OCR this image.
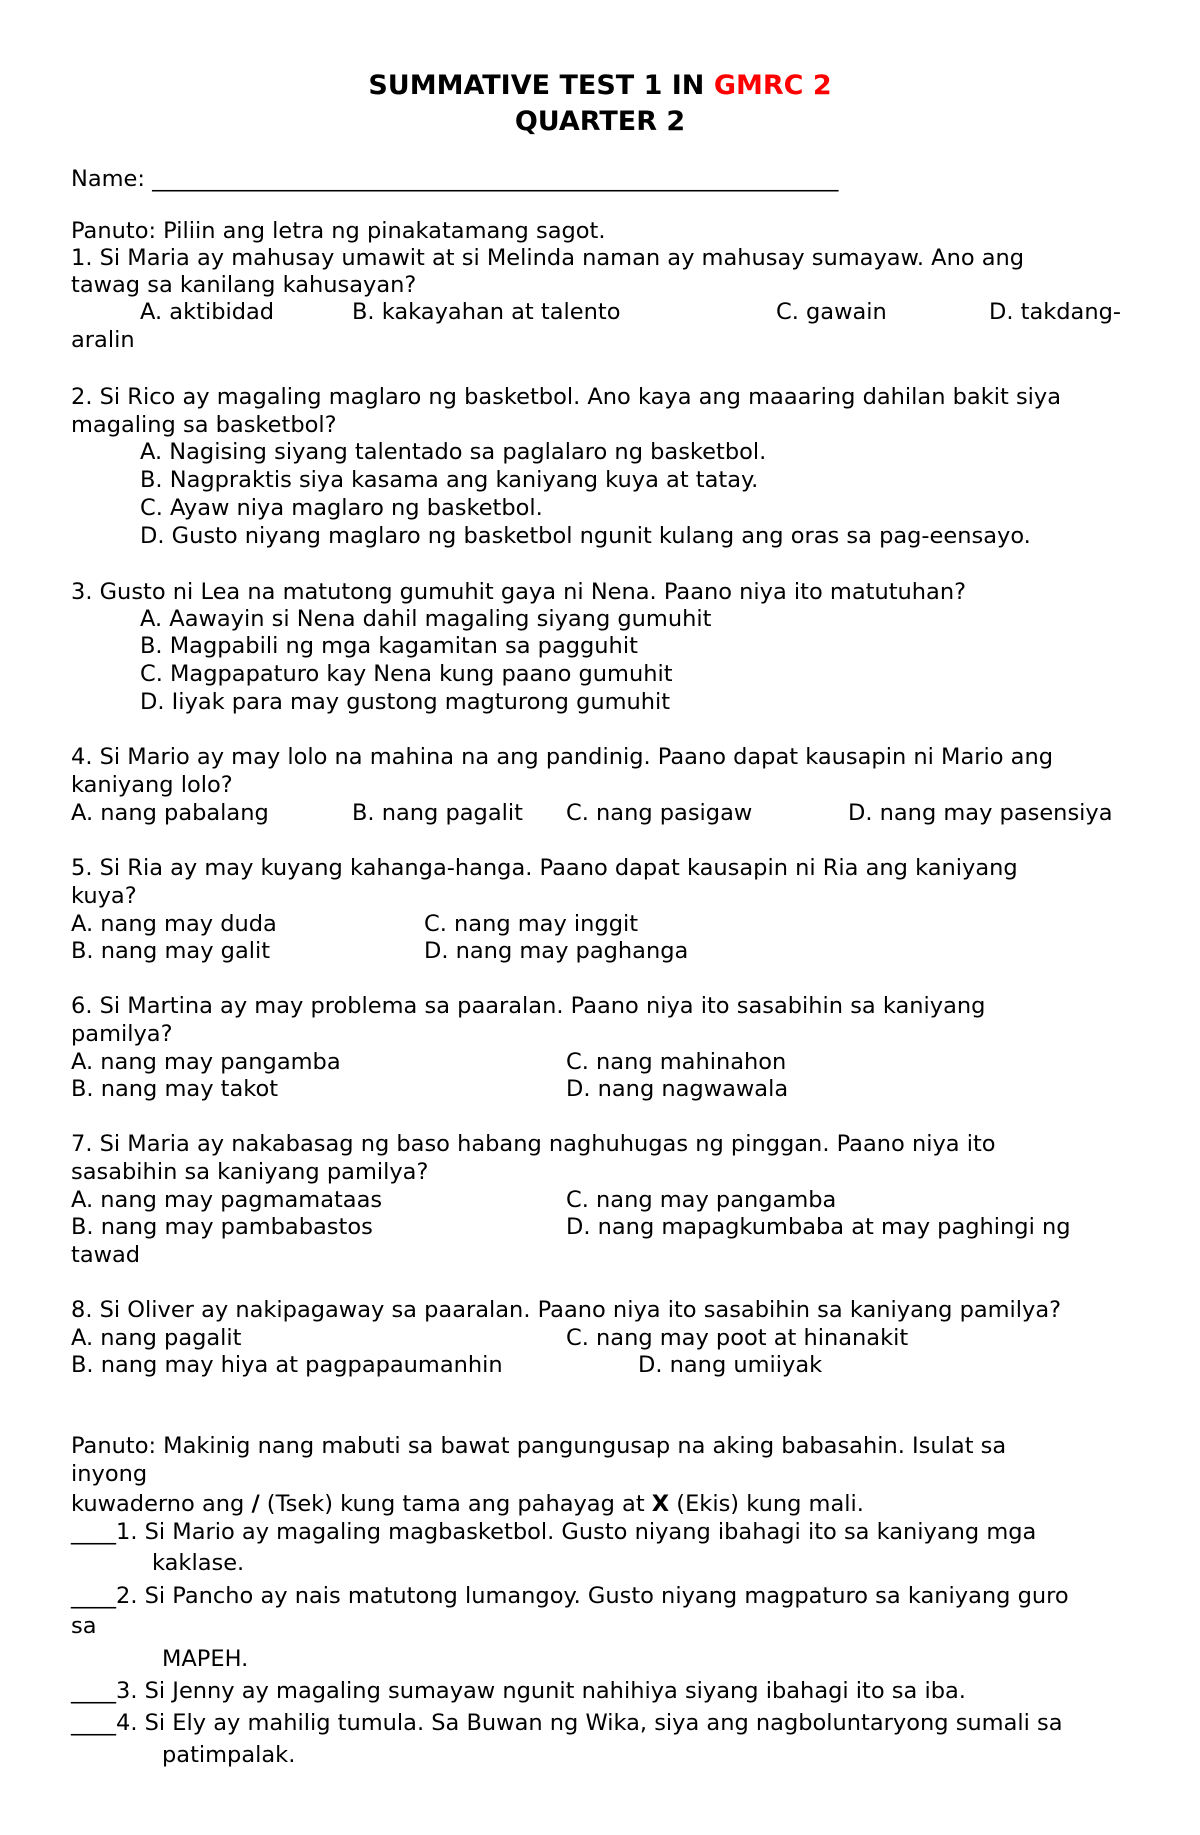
SUMMATIVE TEST 1 IN GMRC 2
QUARTER 2
Name: _____________________________________________________________
Panuto: Piliin ang letra ng pinakatamang sagot.
1. Si Maria ay mahusay umawit at si Melinda naman ay mahusay sumayaw. Ano ang
tawag sa kanilang kahusayan?
A. aktibidad	B. kakayahan at talento	C. gawain	D. takdang-
aralin
2. Si Rico ay magaling maglaro ng basketbol. Ano kaya ang maaaring dahilan bakit siya
magaling sa basketbol?
A. Nagising siyang talentado sa paglalaro ng basketbol.
B. Nagpraktis siya kasama ang kaniyang kuya at tatay.
C. Ayaw niya maglaro ng basketbol.
D. Gusto niyang maglaro ng basketbol ngunit kulang ang oras sa pag-eensayo.
3. Gusto ni Lea na matutong gumuhit gaya ni Nena. Paano niya ito matutuhan?
A. Aawayin si Nena dahil magaling siyang gumuhit
B. Magpabili ng mga kagamitan sa pagguhit
C. Magpapaturo kay Nena kung paano gumuhit
D. Iiyak para may gustong magturong gumuhit
4. Si Mario ay may lolo na mahina na ang pandinig. Paano dapat kausapin ni Mario ang
kaniyang lolo?
A. nang pabalang	B. nang pagalit C. nang pasigaw	D. nang may pasensiya
5. Si Ria ay may kuyang kahanga-hanga. Paano dapat kausapin ni Ria ang kaniyang
kuya?
A. nang may duda	C. nang may inggit
B. nang may galit	D. nang may paghanga
6. Si Martina ay may problema sa paaralan. Paano niya ito sasabihin sa kaniyang
pamilya?
A. nang may pangamba	C. nang mahinahon
B. nang may takot	D. nang nagwawala
7. Si Maria ay nakabasag ng baso habang naghuhugas ng pinggan. Paano niya ito
sasabihin sa kaniyang pamilya?
A. nang may pagmamataas	C. nang may pangamba
B. nang may pambabastos	D. nang mapagkumbaba at may paghingi ng
tawad
8. Si Oliver ay nakipagaway sa paaralan. Paano niya ito sasabihin sa kaniyang pamilya?
A. nang pagalit	C. nang may poot at hinanakit
B. nang may hiya at pagpapaumanhin	D. nang umiiyak
Panuto: Makinig nang mabuti sa bawat pangungusap na aking babasahin. Isulat sa
inyong
kuwaderno ang / (Tsek) kung tama ang pahayag at X (Ekis) kung mali.
____1. Si Mario ay magaling magbasketbol. Gusto niyang ibahagi ito sa kaniyang mga
kaklase.
____2. Si Pancho ay nais matutong lumangoy. Gusto niyang magpaturo sa kaniyang guro
sa
MAPEH.
____3. Si Jenny ay magaling sumayaw ngunit nahihiya siyang ibahagi ito sa iba.
____4. Si Ely ay mahilig tumula. Sa Buwan ng Wika, siya ang nagboluntaryong sumali sa
patimpalak.
